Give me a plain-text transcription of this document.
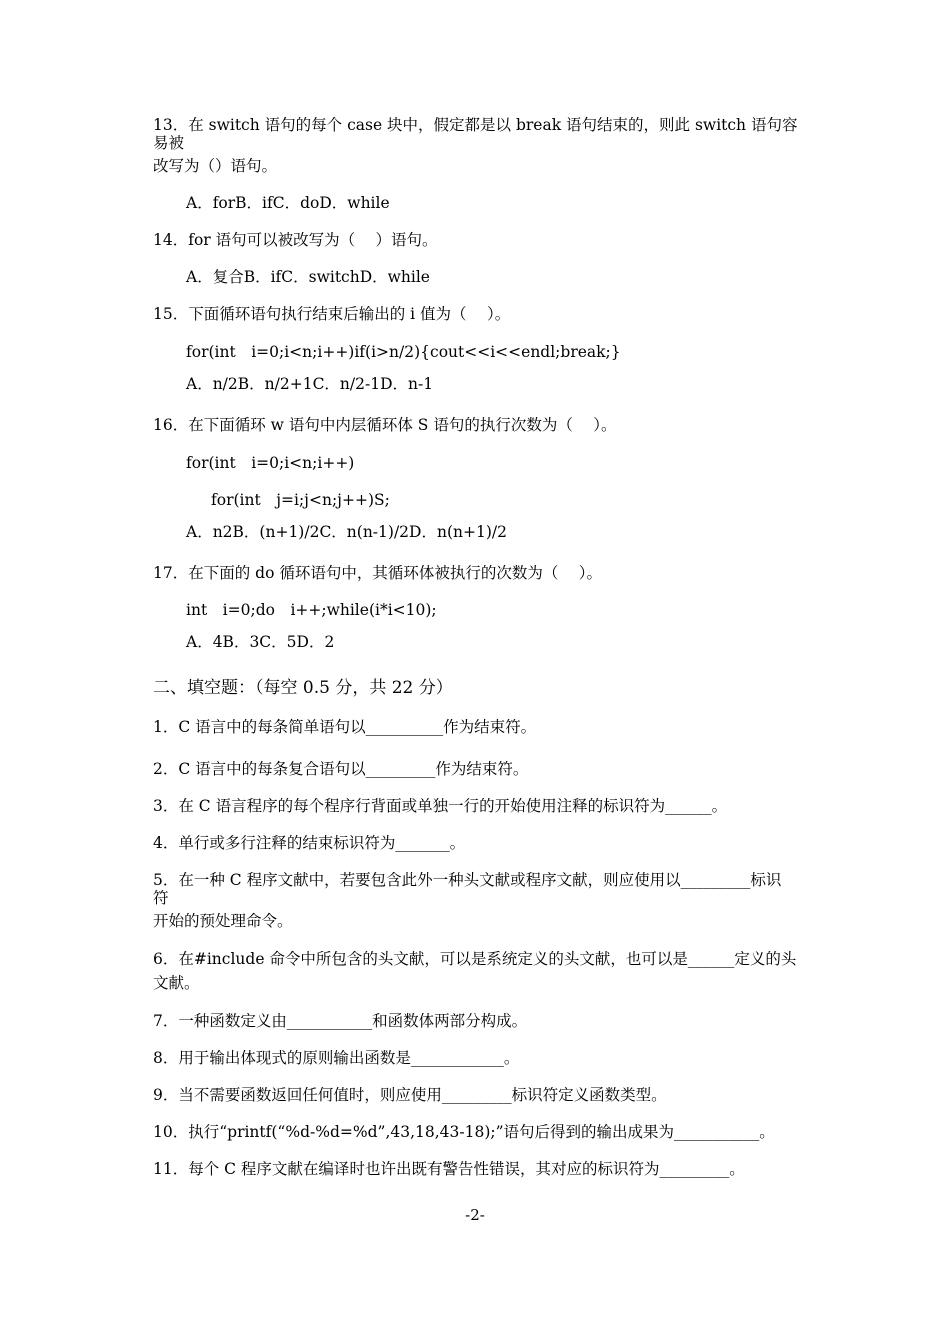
13．在 switch 语句的每个 case 块中，假定都是以 break 语句结束的，则此 switch 语句容
易被
改写为（）语句。
A．forB．ifC．doD．while
14．for 语句可以被改写为（　 ）语句。
A．复合B．ifC．switchD．while
15．下面循环语句执行结束后输出的 i 值为（　 ）。
for(int　i=0;i<n;i++)if(i>n/2){cout<<i<<endl;break;}
A．n/2B．n/2+1C．n/2-1D．n-1
16．在下面循环 w 语句中内层循环体 S 语句的执行次数为（　 ）。
for(int　i=0;i<n;i++)
for(int　j=i;j<n;j++)S;
A．n2B．(n+1)/2C．n(n-1)/2D．n(n+1)/2
17．在下面的 do 循环语句中，其循环体被执行的次数为（　 ）。
int　i=0;do　i++;while(i*i<10);
A．4B．3C．5D．2
二、填空题：（每空 0.5 分，共 22 分）
1．C 语言中的每条简单语句以__________作为结束符。
2．C 语言中的每条复合语句以_________作为结束符。
3．在 C 语言程序的每个程序行背面或单独一行的开始使用注释的标识符为______。
4．单行或多行注释的结束标识符为_______。
5．在一种 C 程序文献中，若要包含此外一种头文献或程序文献，则应使用以_________标识
符
开始的预处理命令。
6．在#include 命令中所包含的头文献，可以是系统定义的头文献，也可以是______定义的头
文献。
7．一种函数定义由___________和函数体两部分构成。
8．用于输出体现式的原则输出函数是____________。
9．当不需要函数返回任何值时，则应使用_________标识符定义函数类型。
10．执行“printf(“%d-%d=%d”,43,18,43-18);”语句后得到的输出成果为___________。
11．每个 C 程序文献在编译时也许出既有警告性错误，其对应的标识符为_________。
-2-
